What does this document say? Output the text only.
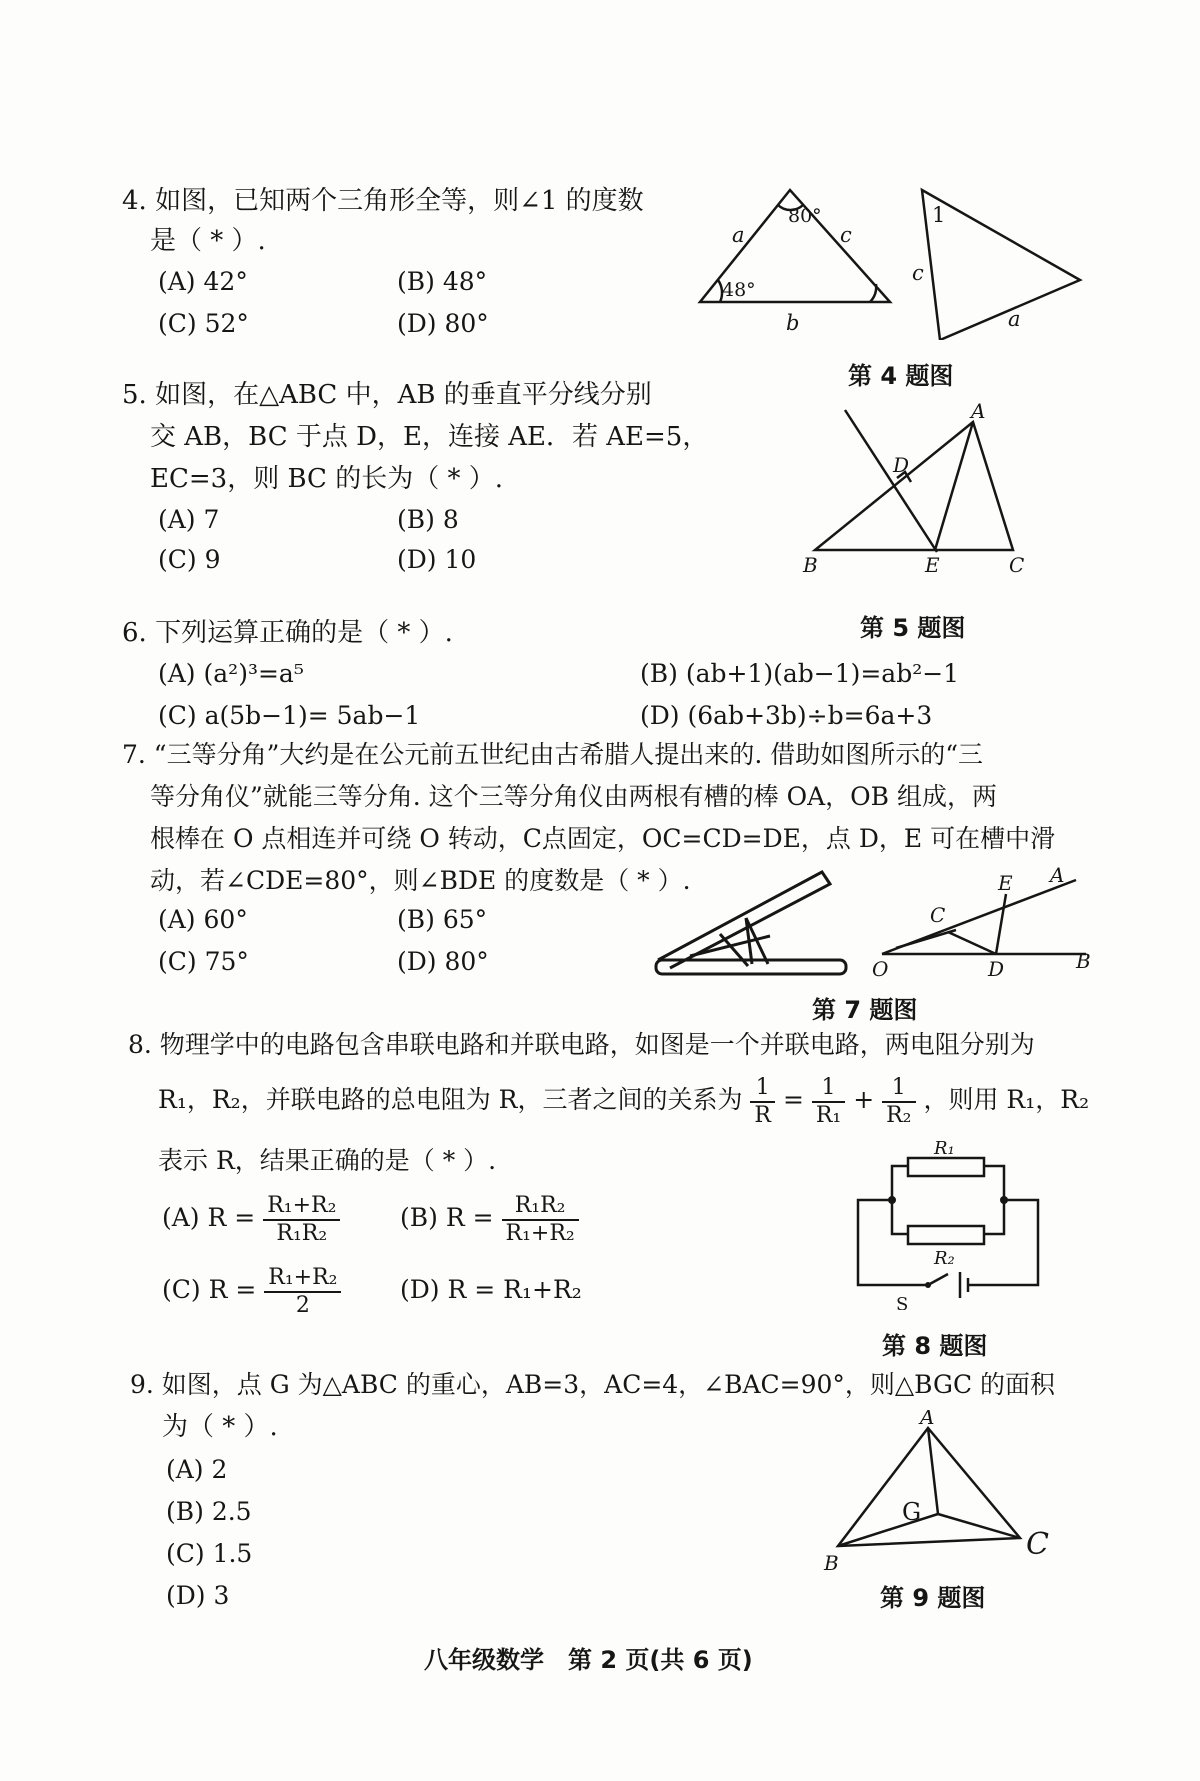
4. 如图，已知两个三角形全等，则∠1 的度数
是（ * ）.
(A) 42°	(B) 48°
(C) 52°	(D) 80°
80°
48°
a
b
c
1
c
a
第 4 题图
5. 如图，在△ABC 中，AB 的垂直平分线分别
交 AB，BC 于点 D，E，连接 AE．若 AE=5，
EC=3，则 BC 的长为（ * ）.
(A) 7	(B) 8
(C) 9	(D) 10
A
B	C
D
E
第 5 题图
6. 下列运算正确的是（ * ）.
(A) (a²)³=a⁵	(B) (ab+1)(ab−1)=ab²−1
(C) a(5b−1)= 5ab−1	(D) (6ab+3b)÷b=6a+3
7. “三等分角”大约是在公元前五世纪由古希腊人提出来的. 借助如图所示的“三
等分角仪”就能三等分角. 这个三等分角仪由两根有槽的棒 OA，OB 组成，两
根棒在 O 点相连并可绕 O 转动，C点固定，OC=CD=DE，点 D，E 可在槽中滑
动，若∠CDE=80°，则∠BDE 的度数是（ * ）.
(A) 60°	(B) 65°
(C) 75°	(D) 80°	O
A
B
C
D
E
第 7 题图
8. 物理学中的电路包含串联电路和并联电路，如图是一个并联电路，两电阻分别为
R₁，R₂，并联电路的总电阻为 R，三者之间的关系为 $\frac{1}{R} = \frac{1}{\text{R₁}} + \frac{1}{\text{R₂}}$ ，则用 R₁，R₂
表示 R，结果正确的是（ * ）.
(A) $R = \frac{\text{R₁+R₂}}{\text{R₁R₂}} (B) R = \frac{\text{R₁R₂}}{\text{R₁+R₂}}$
(C) $R = \frac{\text{R₁+R₂}}{2} (D) R = R_1+R_2$
R₁
R₂
S
第 8 题图
9. 如图，点 G 为△ABC 的重心，AB=3，AC=4，∠BAC=90°，则△BGC 的面积
为（ * ）.
(A) 2
(B) 2.5
(C) 1.5
(D) 3
A
B
C
G
第 9 题图
八年级数学　第 2 页(共 6 页)
